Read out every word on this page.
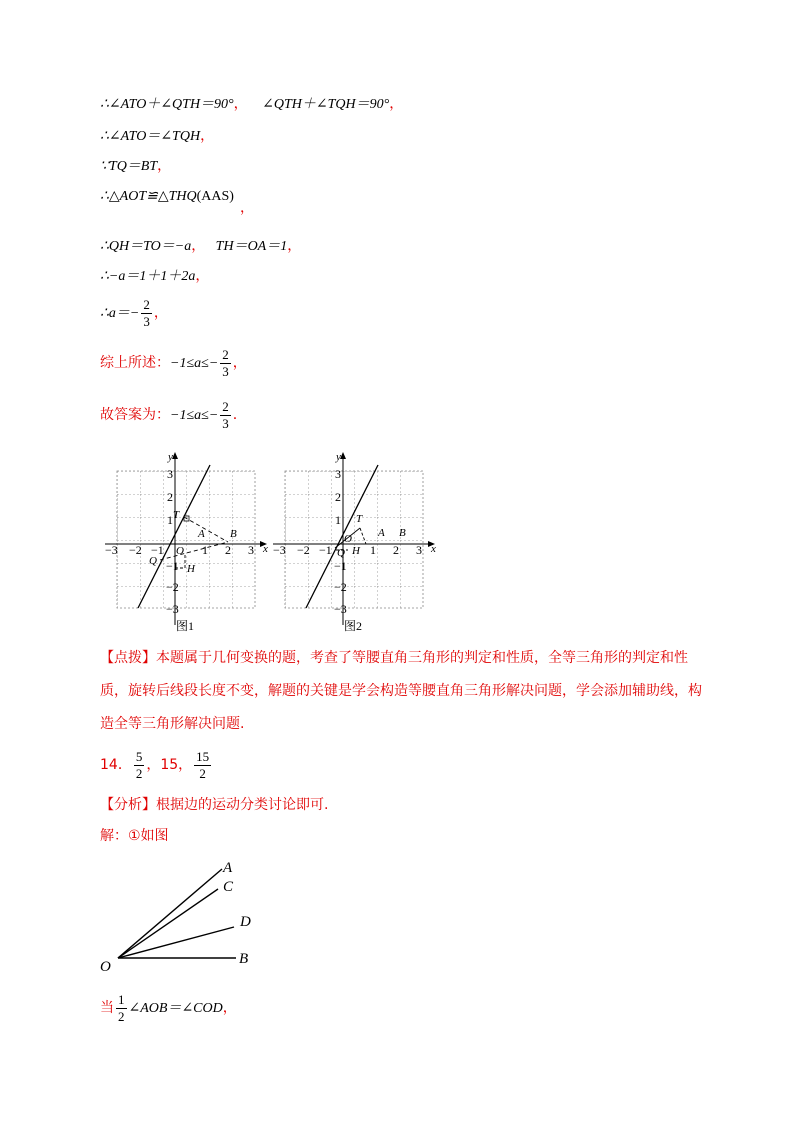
∴∠ATO＋∠QTH＝90°， ∠QTH＋∠TQH＝90°，
∴∠ATO＝∠TQH，
∵TQ＝BT，
∴△AOT≌△THQ(AAS)
，
∴QH＝TO＝−a， TH＝OA＝1，
∴−a＝1＋1＋2a，
∴a＝− $\frac{2}{3}$ ，
综上所述：$-1\le a\le- \frac{2}{3}$ ，
故答案为：$-1\le a\le- \frac{2}{3}$ .
−3 −2 −1	1 2 3 x
y
3
2
1
−1
−2
−3
T
A B
O
Q
H
图1
−3 −2 −1	1 2 3 x
y
3
2
1
−1
−2
−3
T
A B
O
Q H
图2
【点拨】本题属于几何变换的题，考查了等腰直角三角形的判定和性质，全等三角形的判定和性质，旋转后线段长度不变，解题的关键是学会构造等腰直角三角形解决问题，学会添加辅助线，构造全等三角形解决问题.
14． $\frac{5}{2}$ ，15， $\frac{15}{2}$
【分析】根据边的运动分类讨论即可.
解：①如图
A
C
D
B
O
当 $\frac{1}{2}$ ∠AOB＝∠COD，
